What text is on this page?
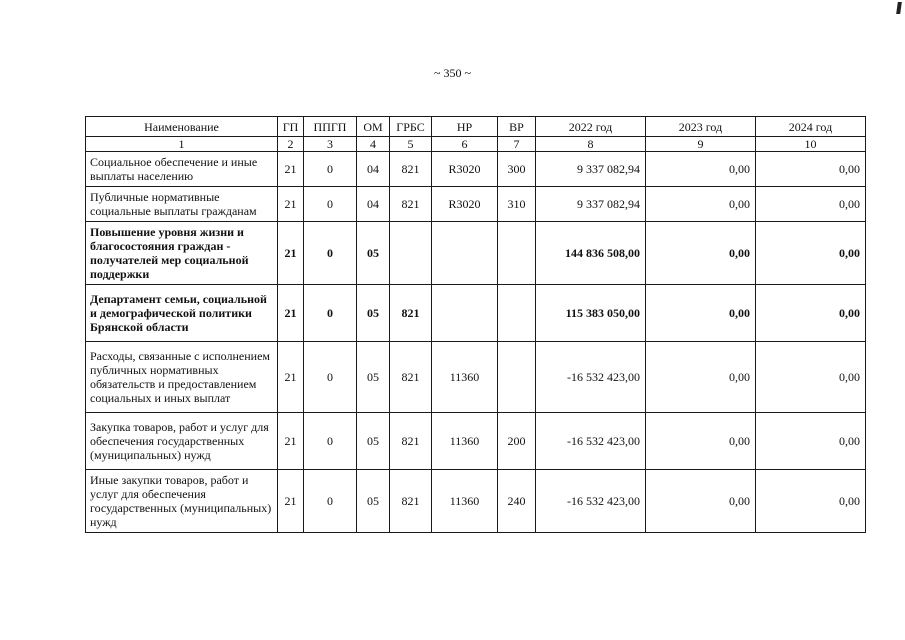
~ 350 ~
Наименование	ГП	ППГП	ОМ	ГРБС	НР	ВР	2022 год	2023 год	2024 год
1	2	3	4	5	6	7	8	9	10
Социальное обеспечение и иные выплаты населению	21	0	04	821	R3020	300	9 337 082,94	0,00	0,00
Публичные нормативные социальные выплаты гражданам	21	0	04	821	R3020	310	9 337 082,94	0,00	0,00
Повышение уровня жизни и благосостояния граждан - получателей мер социальной поддержки	21	0	05				144 836 508,00	0,00	0,00
Департамент семьи, социальной и демографической политики Брянской области	21	0	05	821			115 383 050,00	0,00	0,00
Расходы, связанные с исполнением публичных нормативных обязательств и предоставлением социальных и иных выплат	21	0	05	821	11360		-16 532 423,00	0,00	0,00
Закупка товаров, работ и услуг для обеспечения государственных (муниципальных) нужд	21	0	05	821	11360	200	-16 532 423,00	0,00	0,00
Иные закупки товаров, работ и услуг для обеспечения государственных (муниципальных) нужд	21	0	05	821	11360	240	-16 532 423,00	0,00	0,00
